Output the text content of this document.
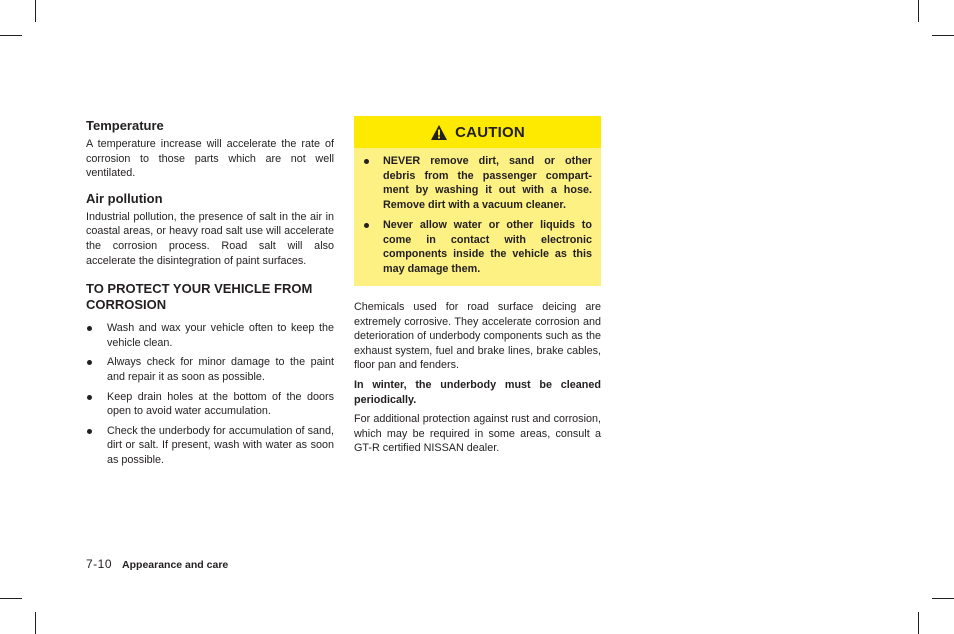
Temperature

A temperature increase will accelerate the rate of corrosion to those parts which are not well ventilated.

Air pollution

Industrial pollution, the presence of salt in the air in coastal areas, or heavy road salt use will accelerate the corrosion process. Road salt will also accelerate the disintegration of paint surfaces.

TO PROTECT YOUR VEHICLE FROM CORROSION
Wash and wax your vehicle often to keep the vehicle clean.
Always check for minor damage to the paint and repair it as soon as possible.
Keep drain holes at the bottom of the doors open to avoid water accumulation.
Check the underbody for accumulation of sand, dirt or salt. If present, wash with water as soon as possible.
CAUTION
NEVER remove dirt, sand or other debris from the passenger compart-ment by washing it out with a hose. Remove dirt with a vacuum cleaner.
Never allow water or other liquids to come in contact with electronic components inside the vehicle as this may damage them.

Chemicals used for road surface deicing are extremely corrosive. They accelerate corrosion and deterioration of underbody components such as the exhaust system, fuel and brake lines, brake cables, floor pan and fenders.

In winter, the underbody must be cleaned periodically.

For additional protection against rust and corrosion, which may be required in some areas, consult a GT-R certified NISSAN dealer.

7-10 Appearance and care
